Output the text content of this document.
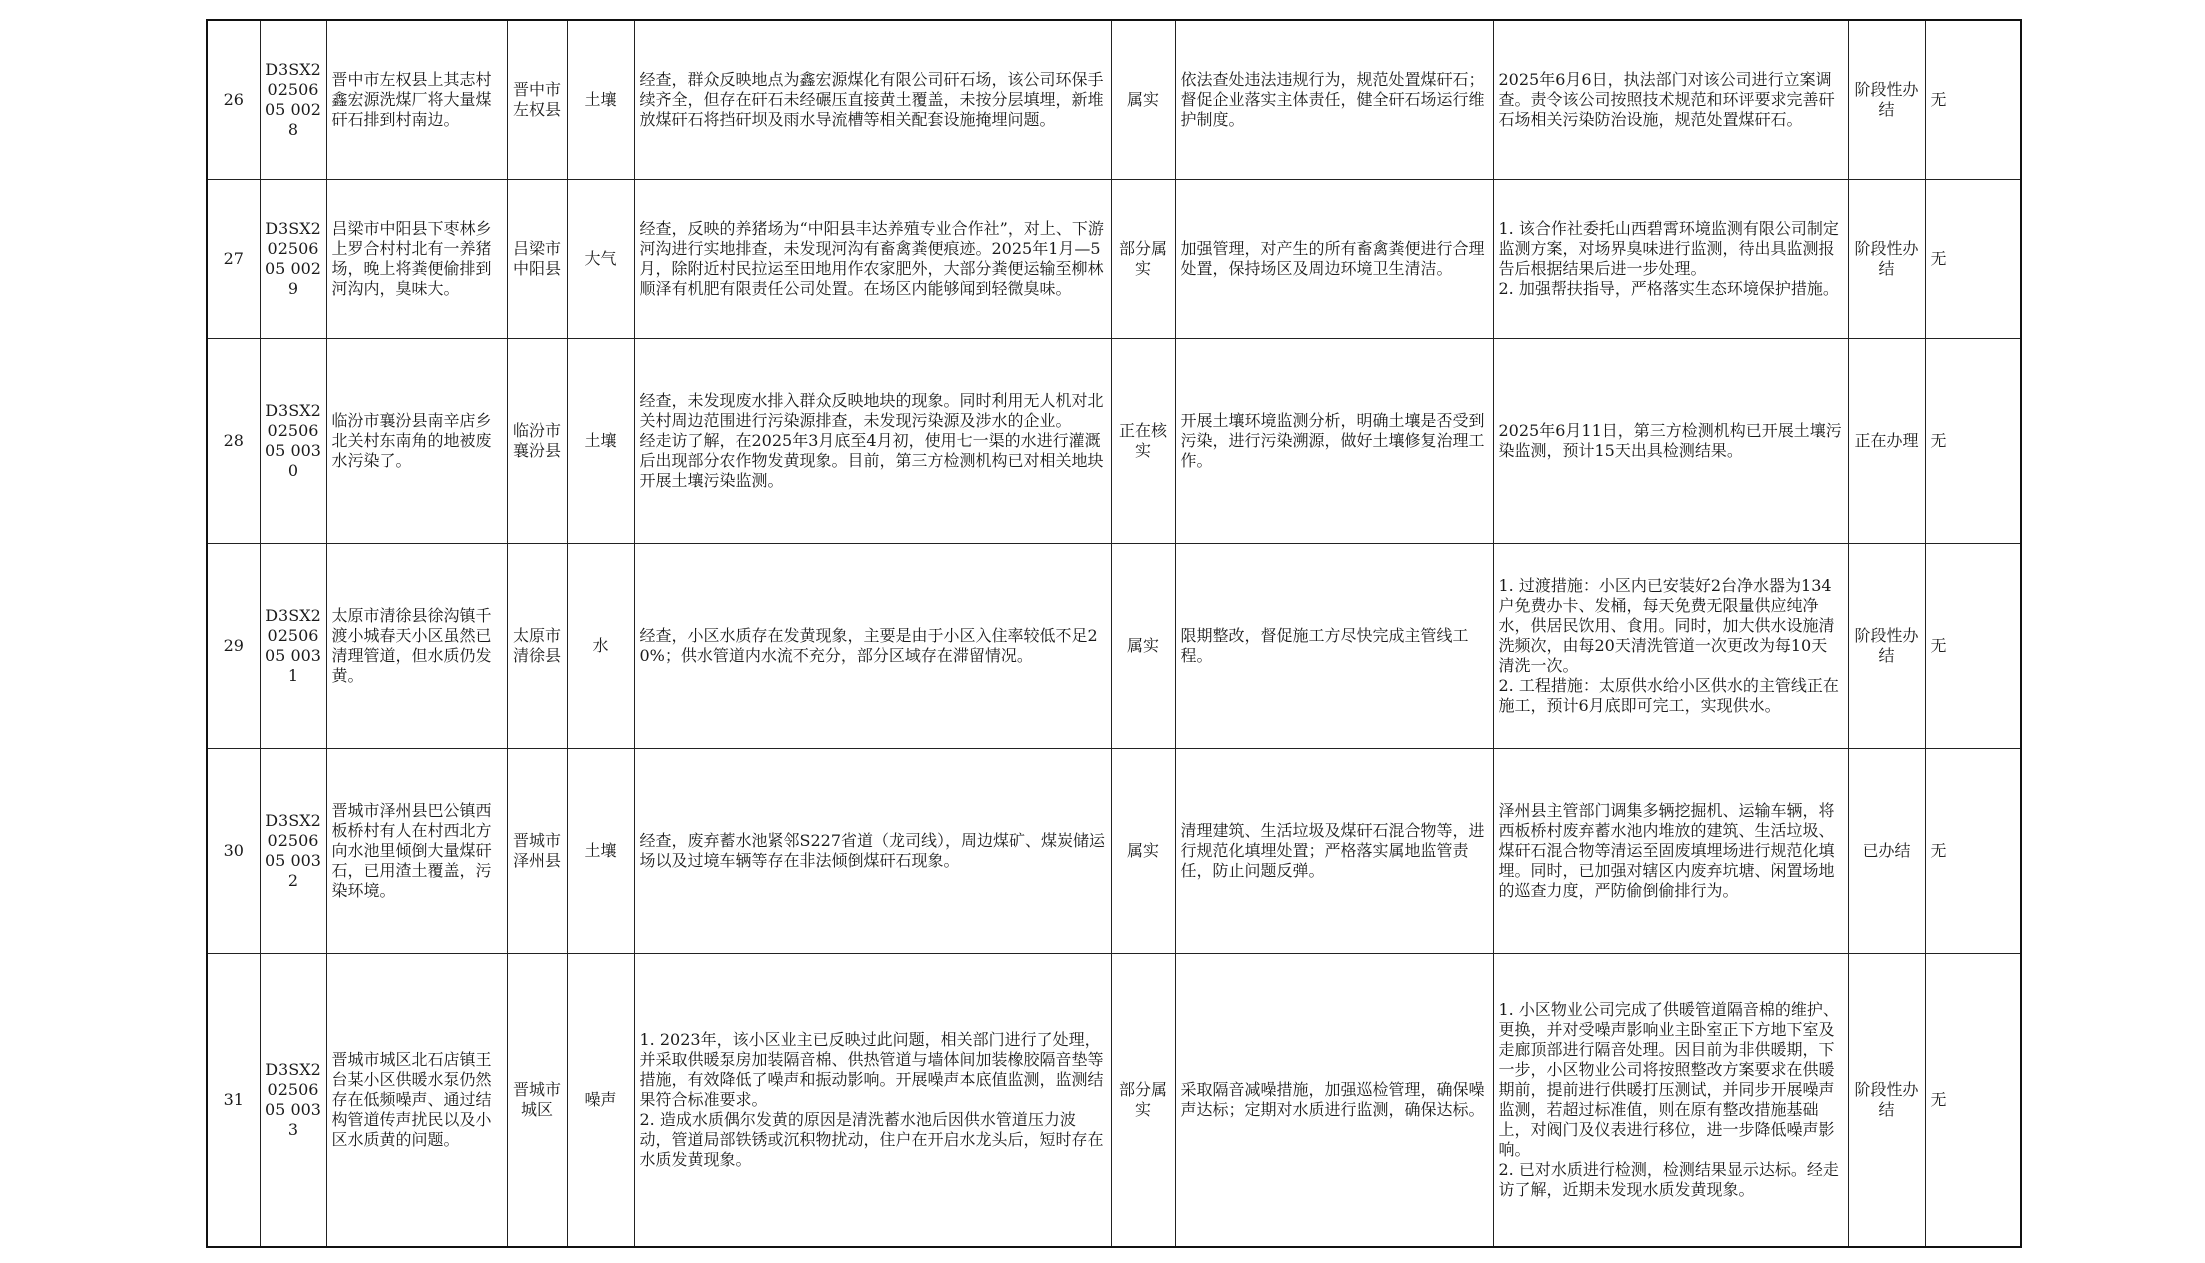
26	D3SX20250605 0028	晋中市左权县上其志村鑫宏源洗煤厂将大量煤矸石排到村南边。	晋中市左权县	土壤	经查，群众反映地点为鑫宏源煤化有限公司矸石场，该公司环保手续齐全，但存在矸石未经碾压直接黄土覆盖，未按分层填埋，新堆放煤矸石将挡矸坝及雨水导流槽等相关配套设施掩埋问题。	属实	依法查处违法违规行为，规范处置煤矸石；督促企业落实主体责任，健全矸石场运行维护制度。	2025年6月6日，执法部门对该公司进行立案调查。责令该公司按照技术规范和环评要求完善矸石场相关污染防治设施，规范处置煤矸石。	阶段性办结	无
27	D3SX20250605 0029	吕梁市中阳县下枣林乡上罗合村村北有一养猪场，晚上将粪便偷排到河沟内，臭味大。	吕梁市中阳县	大气	经查，反映的养猪场为“中阳县丰达养殖专业合作社”，对上、下游河沟进行实地排查，未发现河沟有畜禽粪便痕迹。2025年1月—5月，除附近村民拉运至田地用作农家肥外，大部分粪便运输至柳林顺泽有机肥有限责任公司处置。在场区内能够闻到轻微臭味。	部分属实	加强管理，对产生的所有畜禽粪便进行合理处置，保持场区及周边环境卫生清洁。	1. 该合作社委托山西碧霄环境监测有限公司制定监测方案，对场界臭味进行监测，待出具监测报告后根据结果后进一步处理。
2. 加强帮扶指导，严格落实生态环境保护措施。	阶段性办结	无
28	D3SX20250605 0030	临汾市襄汾县南辛店乡北关村东南角的地被废水污染了。	临汾市襄汾县	土壤	经查，未发现废水排入群众反映地块的现象。同时利用无人机对北关村周边范围进行污染源排查，未发现污染源及涉水的企业。
经走访了解，在2025年3月底至4月初，使用七一渠的水进行灌溉后出现部分农作物发黄现象。目前，第三方检测机构已对相关地块开展土壤污染监测。	正在核实	开展土壤环境监测分析，明确土壤是否受到污染，进行污染溯源，做好土壤修复治理工作。	2025年6月11日，第三方检测机构已开展土壤污染监测，预计15天出具检测结果。	正在办理	无
29	D3SX20250605 0031	太原市清徐县徐沟镇千渡小城春天小区虽然已清理管道，但水质仍发黄。	太原市清徐县	水	经查，小区水质存在发黄现象，主要是由于小区入住率较低不足20%；供水管道内水流不充分，部分区域存在滞留情况。	属实	限期整改，督促施工方尽快完成主管线工程。	1. 过渡措施：小区内已安装好2台净水器为134户免费办卡、发桶，每天免费无限量供应纯净水，供居民饮用、食用。同时，加大供水设施清洗频次，由每20天清洗管道一次更改为每10天清洗一次。
2. 工程措施：太原供水给小区供水的主管线正在施工，预计6月底即可完工，实现供水。	阶段性办结	无
30	D3SX20250605 0032	晋城市泽州县巴公镇西板桥村有人在村西北方向水池里倾倒大量煤矸石，已用渣土覆盖，污染环境。	晋城市泽州县	土壤	经查，废弃蓄水池紧邻S227省道（龙司线），周边煤矿、煤炭储运场以及过境车辆等存在非法倾倒煤矸石现象。	属实	清理建筑、生活垃圾及煤矸石混合物等，进行规范化填埋处置；严格落实属地监管责任，防止问题反弹。	泽州县主管部门调集多辆挖掘机、运输车辆，将西板桥村废弃蓄水池内堆放的建筑、生活垃圾、煤矸石混合物等清运至固废填埋场进行规范化填埋。同时，已加强对辖区内废弃坑塘、闲置场地的巡查力度，严防偷倒偷排行为。	已办结	无
31	D3SX20250605 0033	晋城市城区北石店镇王台某小区供暖水泵仍然存在低频噪声、通过结构管道传声扰民以及小区水质黄的问题。	晋城市城区	噪声	1. 2023年，该小区业主已反映过此问题，相关部门进行了处理，并采取供暖泵房加装隔音棉、供热管道与墙体间加装橡胶隔音垫等措施，有效降低了噪声和振动影响。开展噪声本底值监测，监测结果符合标准要求。
2. 造成水质偶尔发黄的原因是清洗蓄水池后因供水管道压力波动，管道局部铁锈或沉积物扰动，住户在开启水龙头后，短时存在水质发黄现象。	部分属实	采取隔音减噪措施，加强巡检管理，确保噪声达标；定期对水质进行监测，确保达标。	1. 小区物业公司完成了供暖管道隔音棉的维护、更换，并对受噪声影响业主卧室正下方地下室及走廊顶部进行隔音处理。因目前为非供暖期，下一步，小区物业公司将按照整改方案要求在供暖期前，提前进行供暖打压测试，并同步开展噪声监测，若超过标准值，则在原有整改措施基础上，对阀门及仪表进行移位，进一步降低噪声影响。
2. 已对水质进行检测，检测结果显示达标。经走访了解，近期未发现水质发黄现象。	阶段性办结	无
